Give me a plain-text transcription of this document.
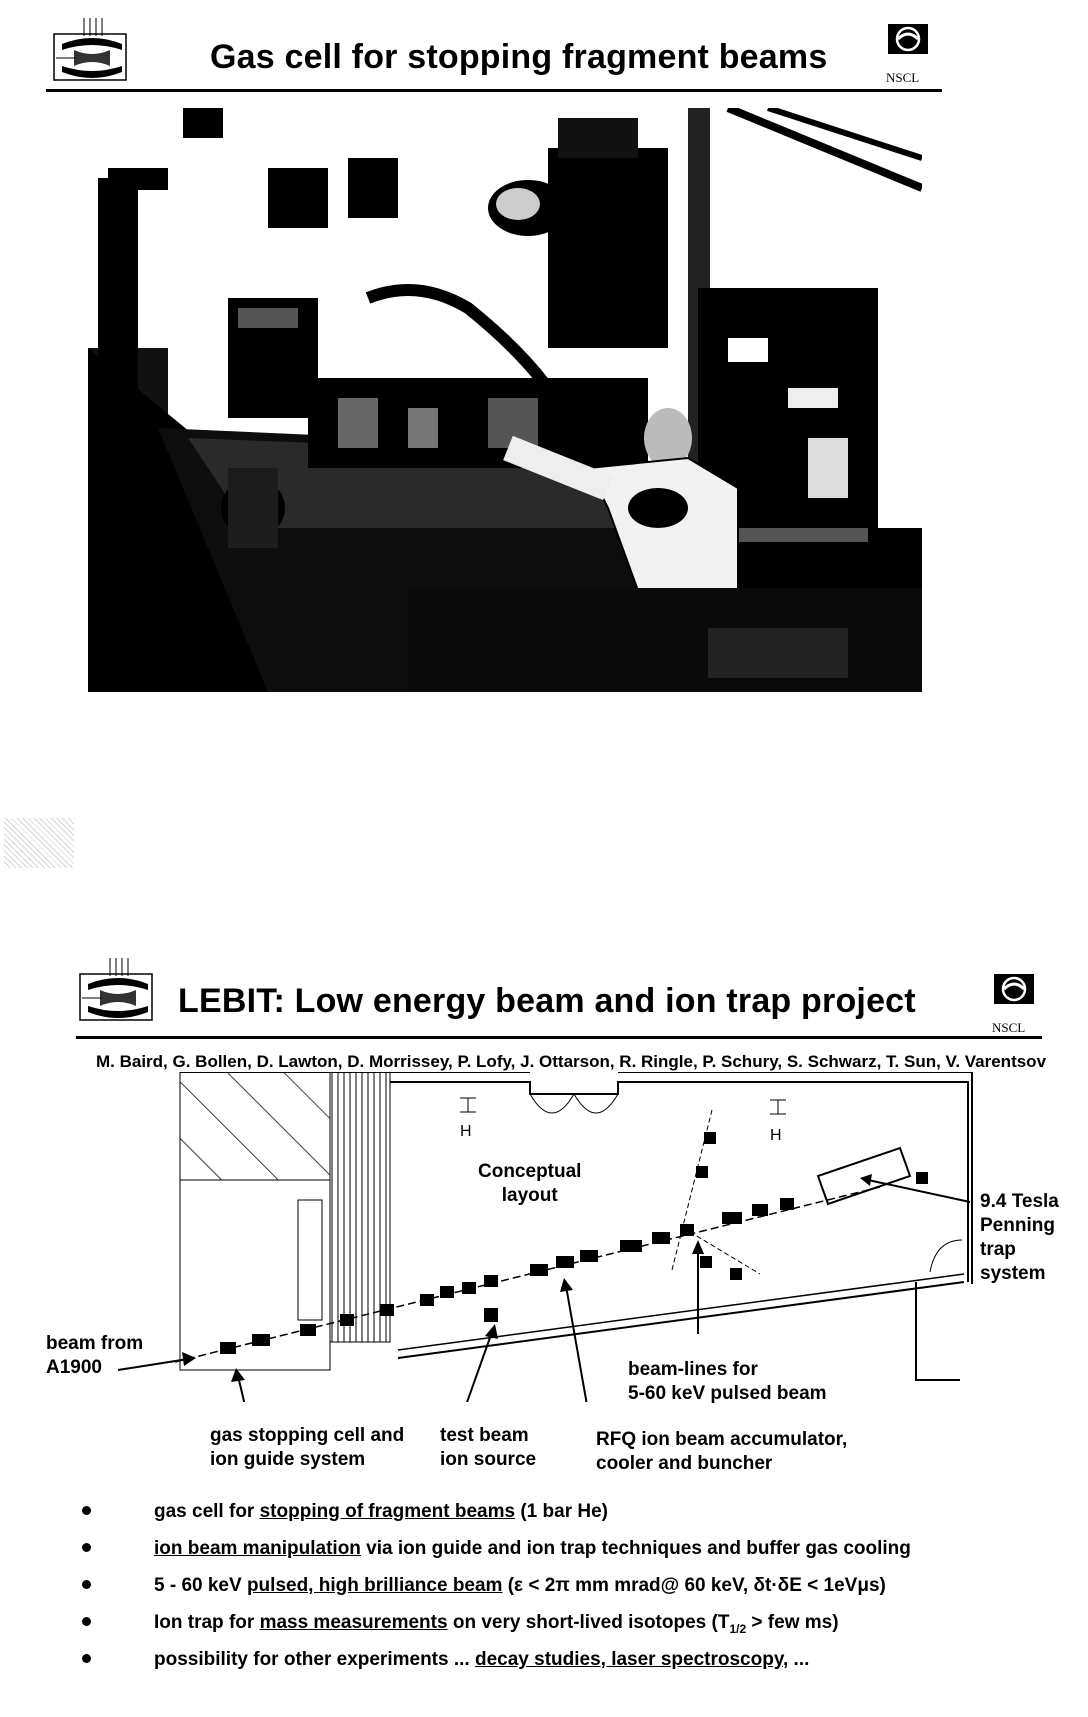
Gas cell for stopping fragment beams
NSCL
LEBIT: Low energy beam and ion trap project
NSCL
M. Baird, G. Bollen, D. Lawton, D. Morrissey, P. Lofy, J. Ottarson, R. Ringle, P. Schury, S. Schwarz, T. Sun, V. Varentsov
H	H
Conceptual
layout	9.4 Tesla
Penning
trap
system
beam from
A1900	beam-lines for
5-60 keV pulsed beam
gas stopping cell and
ion guide system
test beam
ion source
RFQ ion beam accumulator,
cooler and buncher
gas cell for stopping of fragment beams (1 bar He)
ion beam manipulation via ion guide and ion trap techniques and buffer gas cooling
5 - 60 keV pulsed, high brilliance beam (ε < 2π mm mrad@ 60 keV, δt·δE < 1eVμs)
Ion trap for mass measurements on very short-lived isotopes ($T_{1/2}$ > few ms)
possibility for other experiments ... decay studies, laser spectroscopy, ...
